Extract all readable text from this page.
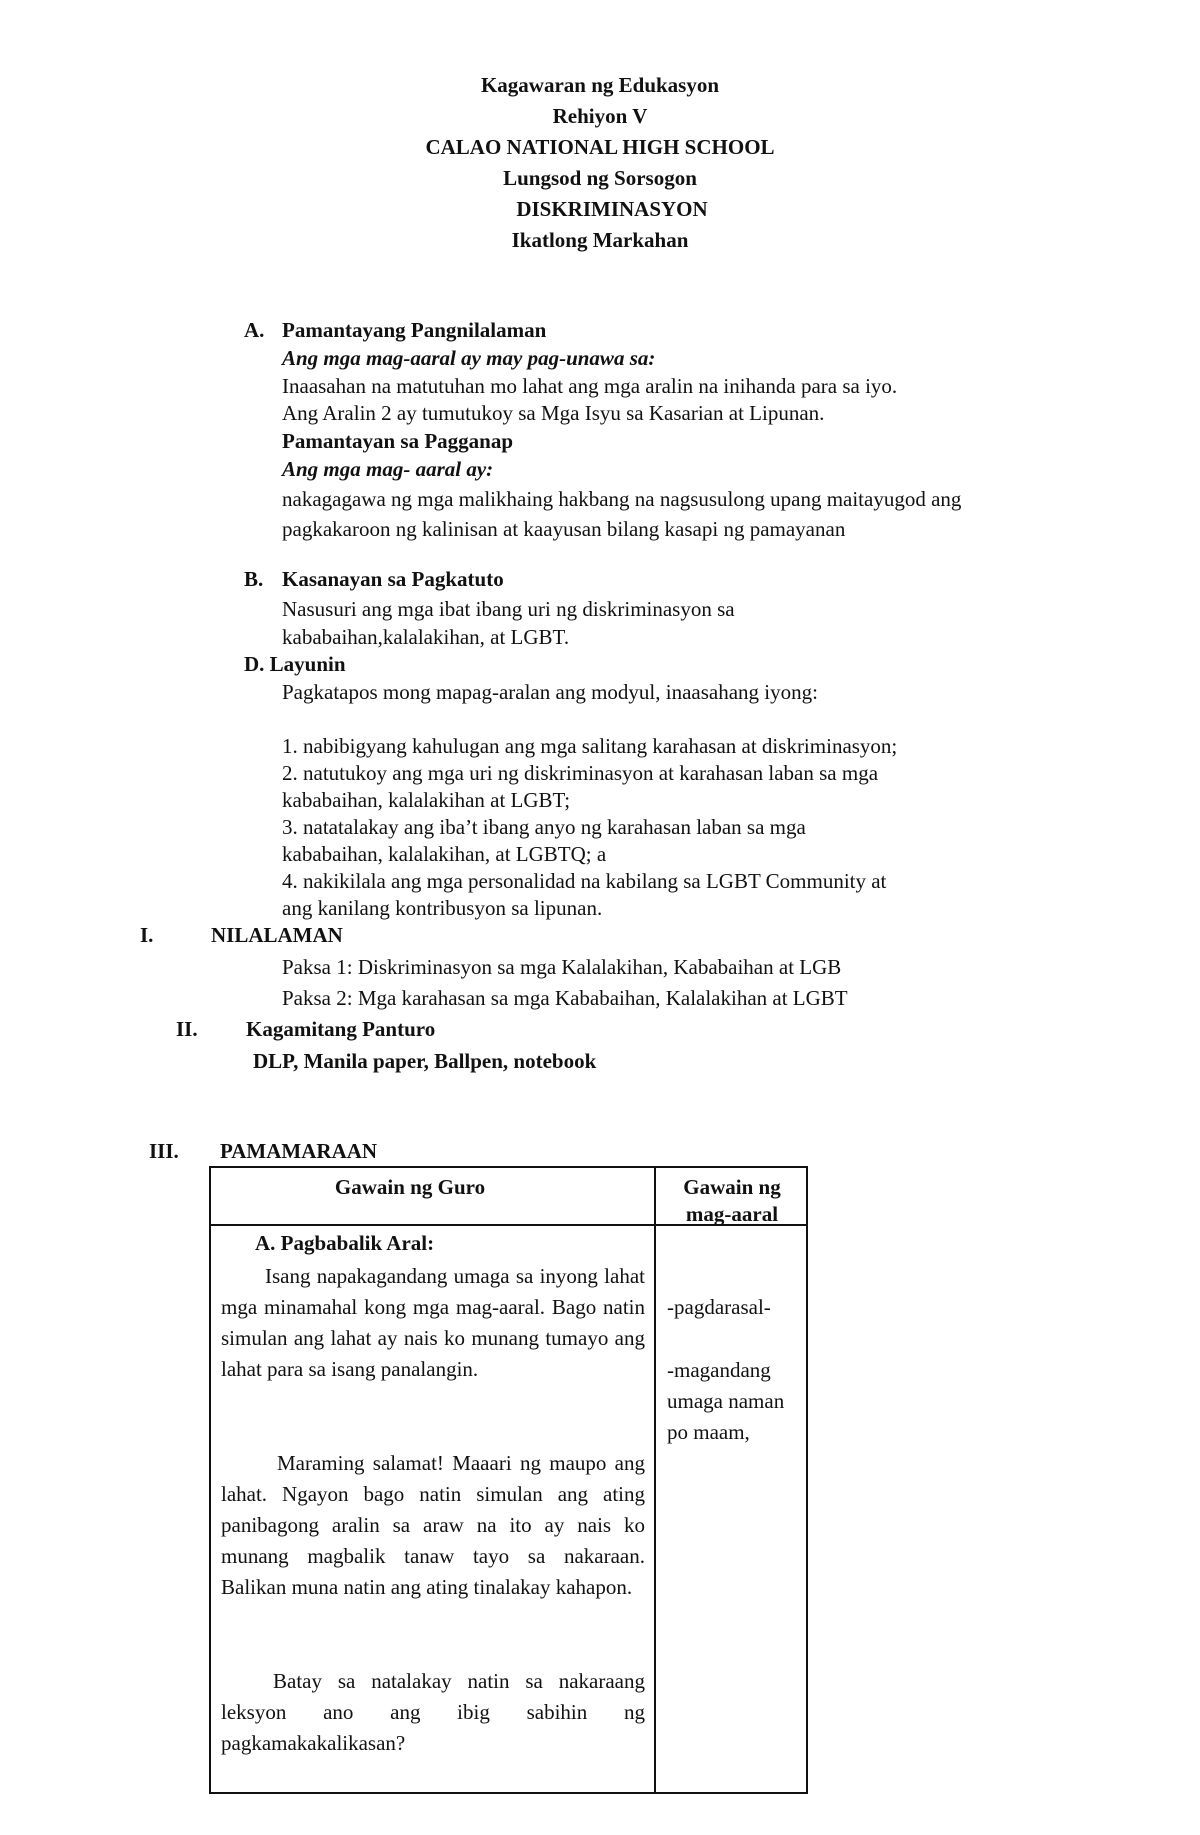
Kagawaran ng Edukasyon
Rehiyon V
CALAO NATIONAL HIGH SCHOOL
Lungsod ng Sorsogon
DISKRIMINASYON
Ikatlong Markahan
A. Pamantayang Pangnilalaman
Ang mga mag-aaral ay may pag-unawa sa:
Inaasahan na matutuhan mo lahat ang mga aralin na inihanda para sa iyo.
Ang Aralin 2 ay tumutukoy sa Mga Isyu sa Kasarian at Lipunan.
Pamantayan sa Pagganap
Ang mga mag- aaral ay:
nakagagawa ng mga malikhaing hakbang na nagsusulong upang maitayugod ang
pagkakaroon ng kalinisan at kaayusan bilang kasapi ng pamayanan
B. Kasanayan sa Pagkatuto
Nasusuri ang mga ibat ibang uri ng diskriminasyon sa
kababaihan,kalalakihan, at LGBT.
D. Layunin
Pagkatapos mong mapag-aralan ang modyul, inaasahang iyong:
1. nabibigyang kahulugan ang mga salitang karahasan at diskriminasyon;
2. natutukoy ang mga uri ng diskriminasyon at karahasan laban sa mga
kababaihan, kalalakihan at LGBT;
3. natatalakay ang iba’t ibang anyo ng karahasan laban sa mga
kababaihan, kalalakihan, at LGBTQ; a
4. nakikilala ang mga personalidad na kabilang sa LGBT Community at
ang kanilang kontribusyon sa lipunan.
I.	NILALAMAN
Paksa 1: Diskriminasyon sa mga Kalalakihan, Kababaihan at LGB
Paksa 2: Mga karahasan sa mga Kababaihan, Kalalakihan at LGBT
II. Kagamitang Panturo
DLP, Manila paper, Ballpen, notebook
III. PAMAMARAAN
Gawain ng Guro	Gawain ng
mag-aaral
A. Pagbabalik Aral:
Isang napakagandang umaga sa inyong lahat mga minamahal kong mga mag-aaral. Bago natin simulan ang lahat ay nais ko munang tumayo ang lahat para sa isang panalangin.
Maraming salamat! Maaari ng maupo ang lahat. Ngayon bago natin simulan ang ating panibagong aralin sa araw na ito ay nais ko munang magbalik tanaw tayo sa nakaraan. Balikan muna natin ang ating tinalakay kahapon.
Batay sa natalakay natin sa nakaraang leksyon ano ang ibig sabihin ng pagkamakakalikasan?
-pagdarasal-
-magandang umaga naman po maam,
